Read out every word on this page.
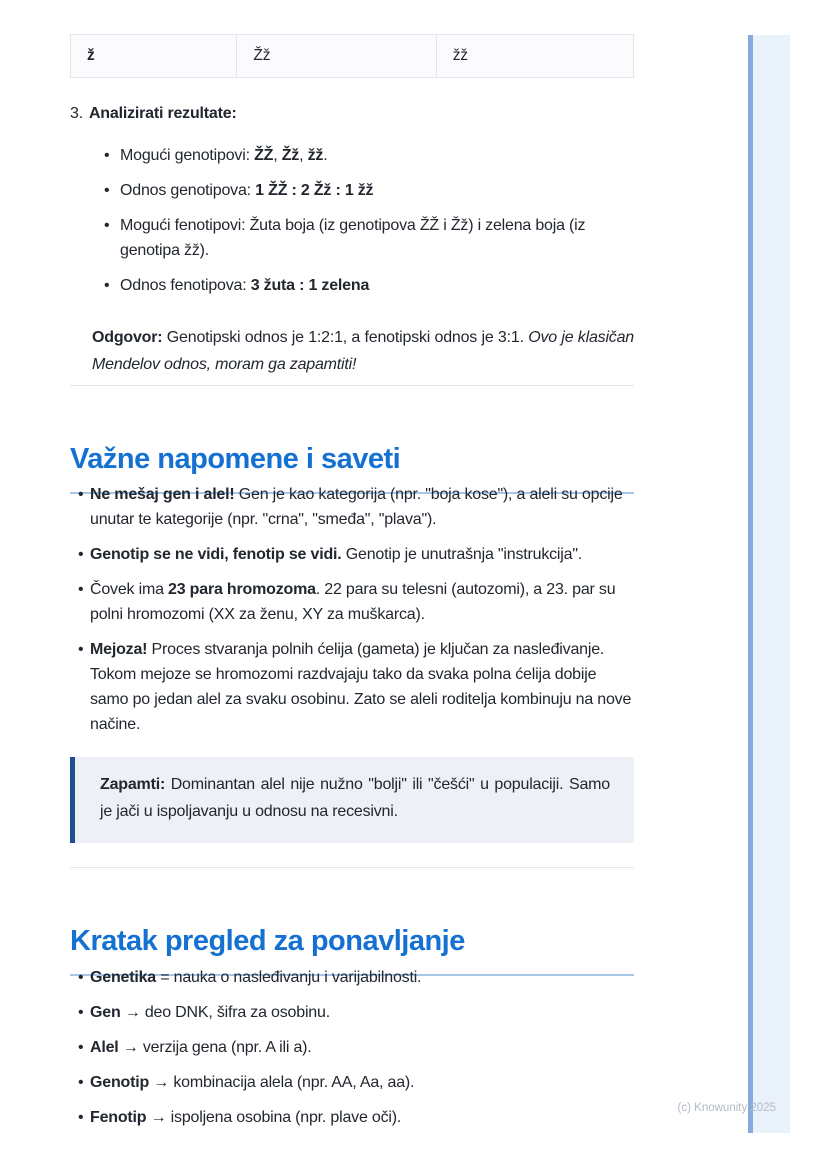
ž	Žž	žž
3. Analizirati rezultate:
• Mogući genotipovi: ŽŽ, Žž, žž.
• Odnos genotipova: 1 ŽŽ : 2 Žž : 1 žž
• Mogući fenotipovi: Žuta boja (iz genotipova ŽŽ i Žž) i zelena boja (iz genotipa žž).
• Odnos fenotipova: 3 žuta : 1 zelena

Odgovor: Genotipski odnos je 1:2:1, a fenotipski odnos je 3:1. Ovo je klasičan Mendelov odnos, moram ga zapamtiti!

Važne napomene i saveti
• Ne mešaj gen i alel! Gen je kao kategorija (npr. "boja kose"), a aleli su opcije unutar te kategorije (npr. "crna", "smeđa", "plava").
• Genotip se ne vidi, fenotip se vidi. Genotip je unutrašnja "instrukcija".
• Čovek ima 23 para hromozoma. 22 para su telesni (autozomi), a 23. par su polni hromozomi (XX za ženu, XY za muškarca).
• Mejoza! Proces stvaranja polnih ćelija (gameta) je ključan za nasleđivanje. Tokom mejoze se hromozomi razdvajaju tako da svaka polna ćelija dobije samo po jedan alel za svaku osobinu. Zato se aleli roditelja kombinuju na nove načine.
Zapamti: Dominantan alel nije nužno "bolji" ili "češći" u populaciji. Samo je jači u ispoljavanju u odnosu na recesivni.
Kratak pregled za ponavljanje
• Genetika = nauka o nasleđivanju i varijabilnosti.
• Gen → deo DNK, šifra za osobinu.
• Alel → verzija gena (npr. A ili a).
• Genotip → kombinacija alela (npr. AA, Aa, aa).
• Fenotip → ispoljena osobina (npr. plave oči).
(c) Knowunity 2025
